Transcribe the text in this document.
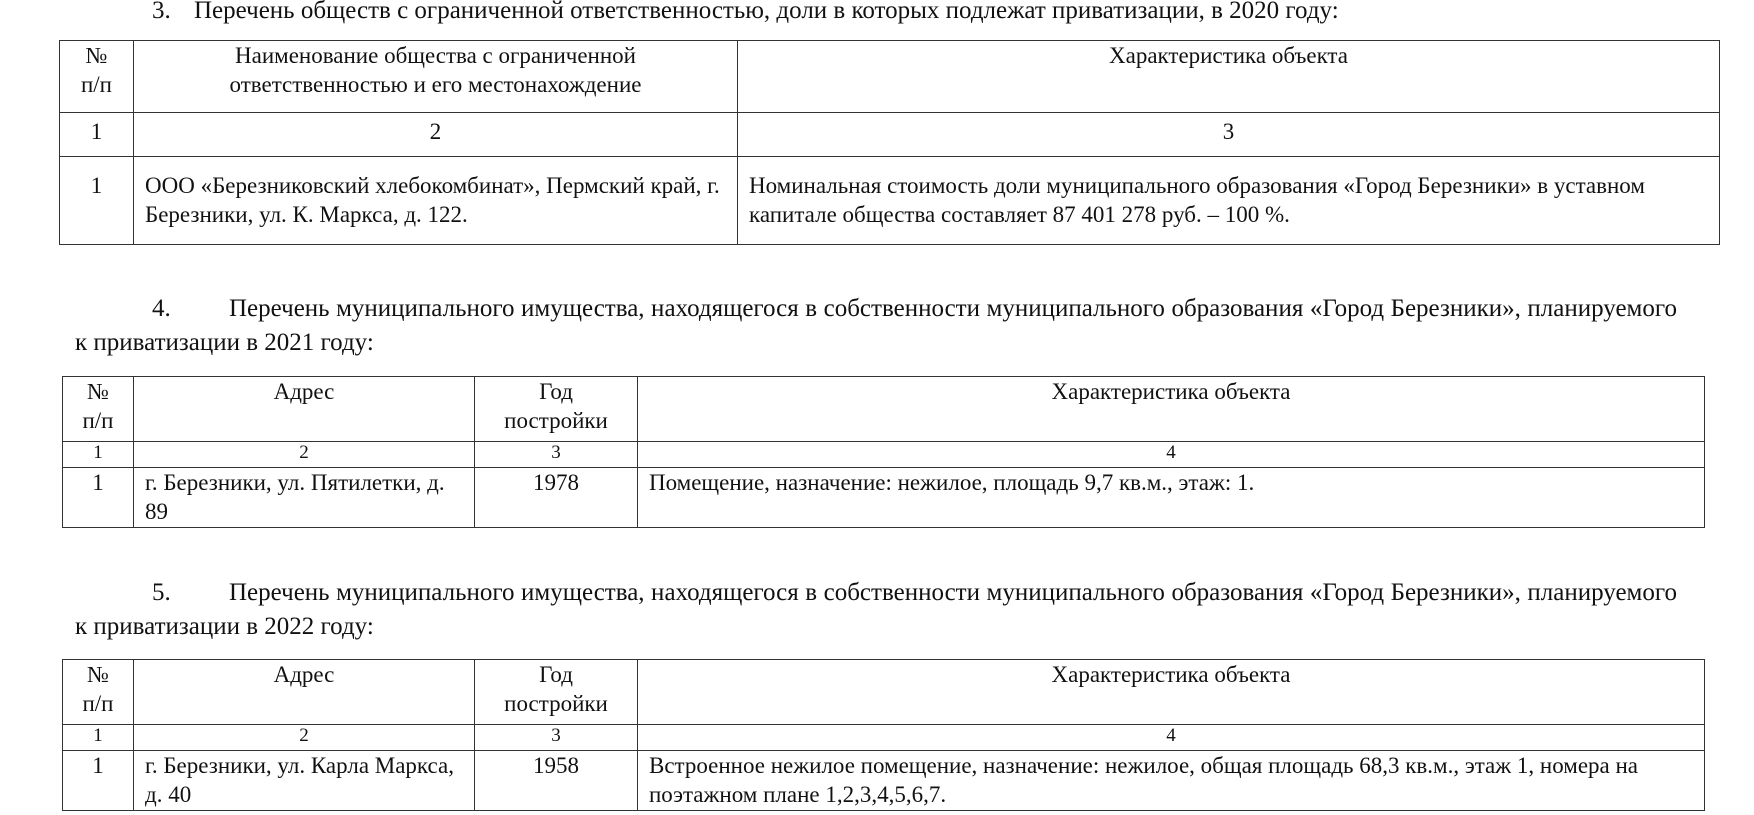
3. Перечень обществ с ограниченной ответственностью, доли в которых подлежат приватизации, в 2020 году:
№ п/п	Наименование общества с ограниченной ответственностью и его местонахождение	Характеристика объекта

1	2	3
1	ООО «Березниковский хлебокомбинат», Пермский край, г. Березники, ул. К. Маркса, д. 122.	Номинальная стоимость доли муниципального образования «Город Березники» в уставном капитале общества составляет 87 401 278 руб. – 100 %.
4. Перечень муниципального имущества, находящегося в собственности муниципального образования «Город Березники», планируемого к приватизации в 2021 году:
№ п/п	Адрес	Год постройки	Характеристика объекта
1	2	3	4
1	г. Березники, ул. Пятилетки, д. 89	1978	Помещение, назначение: нежилое, площадь 9,7 кв.м., этаж: 1.
5. Перечень муниципального имущества, находящегося в собственности муниципального образования «Город Березники», планируемого к приватизации в 2022 году:
№ п/п	Адрес	Год постройки	Характеристика объекта
1	2	3	4
1	г. Березники, ул. Карла Маркса, д. 40	1958	Встроенное нежилое помещение, назначение: нежилое, общая площадь 68,3 кв.м., этаж 1, номера на поэтажном плане 1,2,3,4,5,6,7.
